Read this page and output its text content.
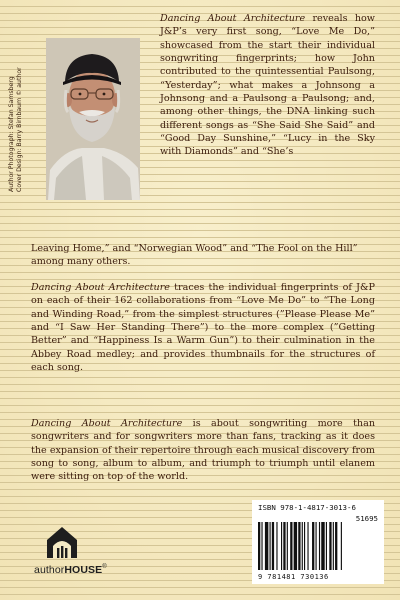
Author Photograph: Stefan Samsberg Cover Design: Barry Birnbaum © author

Dancing About Architecture reveals how J&P’s very first song, “Love Me Do,” showcased from the start their individual songwriting fingerprints; how John contributed to the quintessential Paulsong, “Yesterday”; what makes a Johnsong a Johnsong and a Paulsong a Paulsong; and, among other things, the DNA linking such different songs as “She Said She Said” and “Good Day Sunshine,” “Lucy in the Sky with Diamonds” and “She’s

Leaving Home,” and “Norwegian Wood” and “The Fool on the Hill” among many others.

Dancing About Architecture traces the individual fingerprints of J&P on each of their 162 collaborations from “Love Me Do” to “The Long and Winding Road,” from the simplest structures (”Please Please Me” and “I Saw Her Standing There”) to the more complex (”Getting Better” and “Happiness Is a Warm Gun”) to their culmination in the Abbey Road medley; and provides thumbnails for the structures of each song.

Dancing About Architecture is about songwriting more than songwriters and for songwriters more than fans, tracking as it does the expansion of their repertoire through each musical discovery from song to song, album to album, and triumph to triumph until elanem were sitting on top of the world.

ISBN 978-1-4817-3013-6
51695
9 781481 730136
authorHOUSE®
